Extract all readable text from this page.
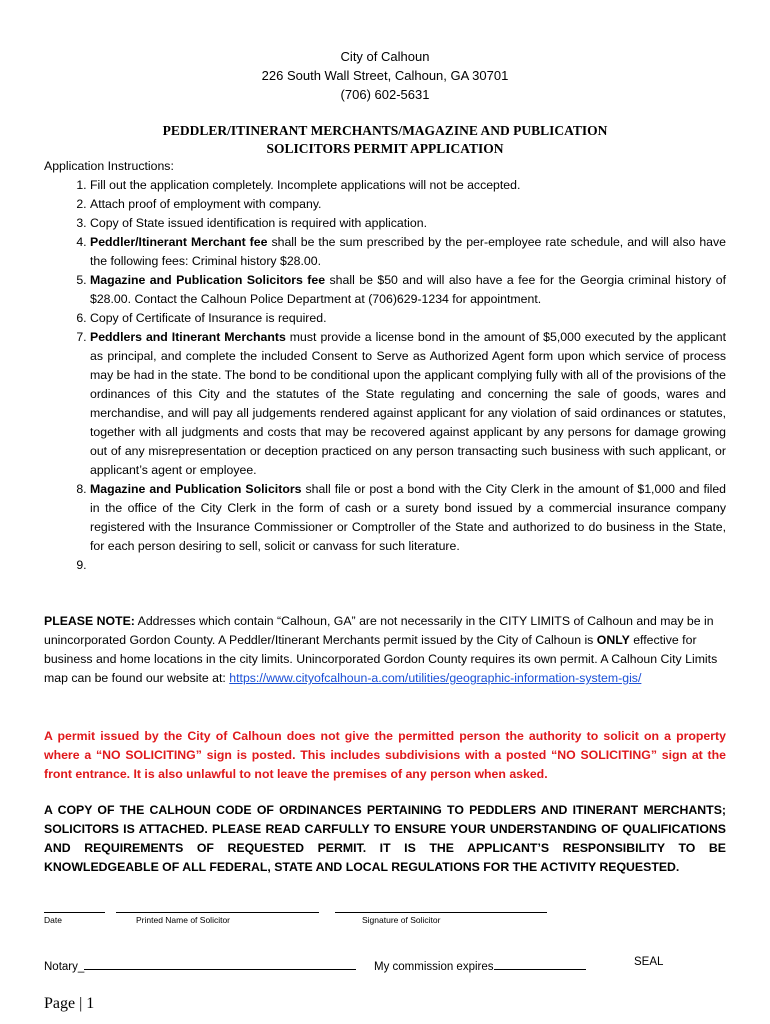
City of Calhoun
226 South Wall Street, Calhoun, GA 30701
(706) 602-5631
PEDDLER/ITINERANT MERCHANTS/MAGAZINE AND PUBLICATION
SOLICITORS PERMIT APPLICATION
Application Instructions:
1. Fill out the application completely. Incomplete applications will not be accepted.
2. Attach proof of employment with company.
3. Copy of State issued identification is required with application.
4. Peddler/Itinerant Merchant fee shall be the sum prescribed by the per-employee rate schedule, and will also have the following fees: Criminal history $28.00.
5. Magazine and Publication Solicitors fee shall be $50 and will also have a fee for the Georgia criminal history of $28.00. Contact the Calhoun Police Department at (706)629-1234 for appointment.
6. Copy of Certificate of Insurance is required.
7. Peddlers and Itinerant Merchants must provide a license bond in the amount of $5,000 executed by the applicant as principal, and complete the included Consent to Serve as Authorized Agent form upon which service of process may be had in the state. The bond to be conditional upon the applicant complying fully with all of the provisions of the ordinances of this City and the statutes of the State regulating and concerning the sale of goods, wares and merchandise, and will pay all judgements rendered against applicant for any violation of said ordinances or statutes, together with all judgments and costs that may be recovered against applicant by any persons for damage growing out of any misrepresentation or deception practiced on any person transacting such business with such applicant, or applicant’s agent or employee.
8. Magazine and Publication Solicitors shall file or post a bond with the City Clerk in the amount of $1,000 and filed in the office of the City Clerk in the form of cash or a surety bond issued by a commercial insurance company registered with the Insurance Commissioner or Comptroller of the State and authorized to do business in the State, for each person desiring to sell, solicit or canvass for such literature.
9.
PLEASE NOTE: Addresses which contain “Calhoun, GA” are not necessarily in the CITY LIMITS of Calhoun and may be in unincorporated Gordon County. A Peddler/Itinerant Merchants permit issued by the City of Calhoun is ONLY effective for business and home locations in the city limits. Unincorporated Gordon County requires its own permit. A Calhoun City Limits map can be found our website at: https://www.cityofcalhoun-a.com/utilities/geographic-information-system-gis/
A permit issued by the City of Calhoun does not give the permitted person the authority to solicit on a property where a “NO SOLICITING” sign is posted. This includes subdivisions with a posted “NO SOLICITING” sign at the front entrance. It is also unlawful to not leave the premises of any person when asked.
A COPY OF THE CALHOUN CODE OF ORDINANCES PERTAINING TO PEDDLERS AND ITINERANT MERCHANTS; SOLICITORS IS ATTACHED. PLEASE READ CARFULLY TO ENSURE YOUR UNDERSTANDING OF QUALIFICATIONS AND REQUIREMENTS OF REQUESTED PERMIT. IT IS THE APPLICANT’S RESPONSIBILITY TO BE KNOWLEDGEABLE OF ALL FEDERAL, STATE AND LOCAL REGULATIONS FOR THE ACTIVITY REQUESTED.
Date	Printed Name of Solicitor	Signature of Solicitor
Notary_	My commission expires	SEAL
Page | 1
